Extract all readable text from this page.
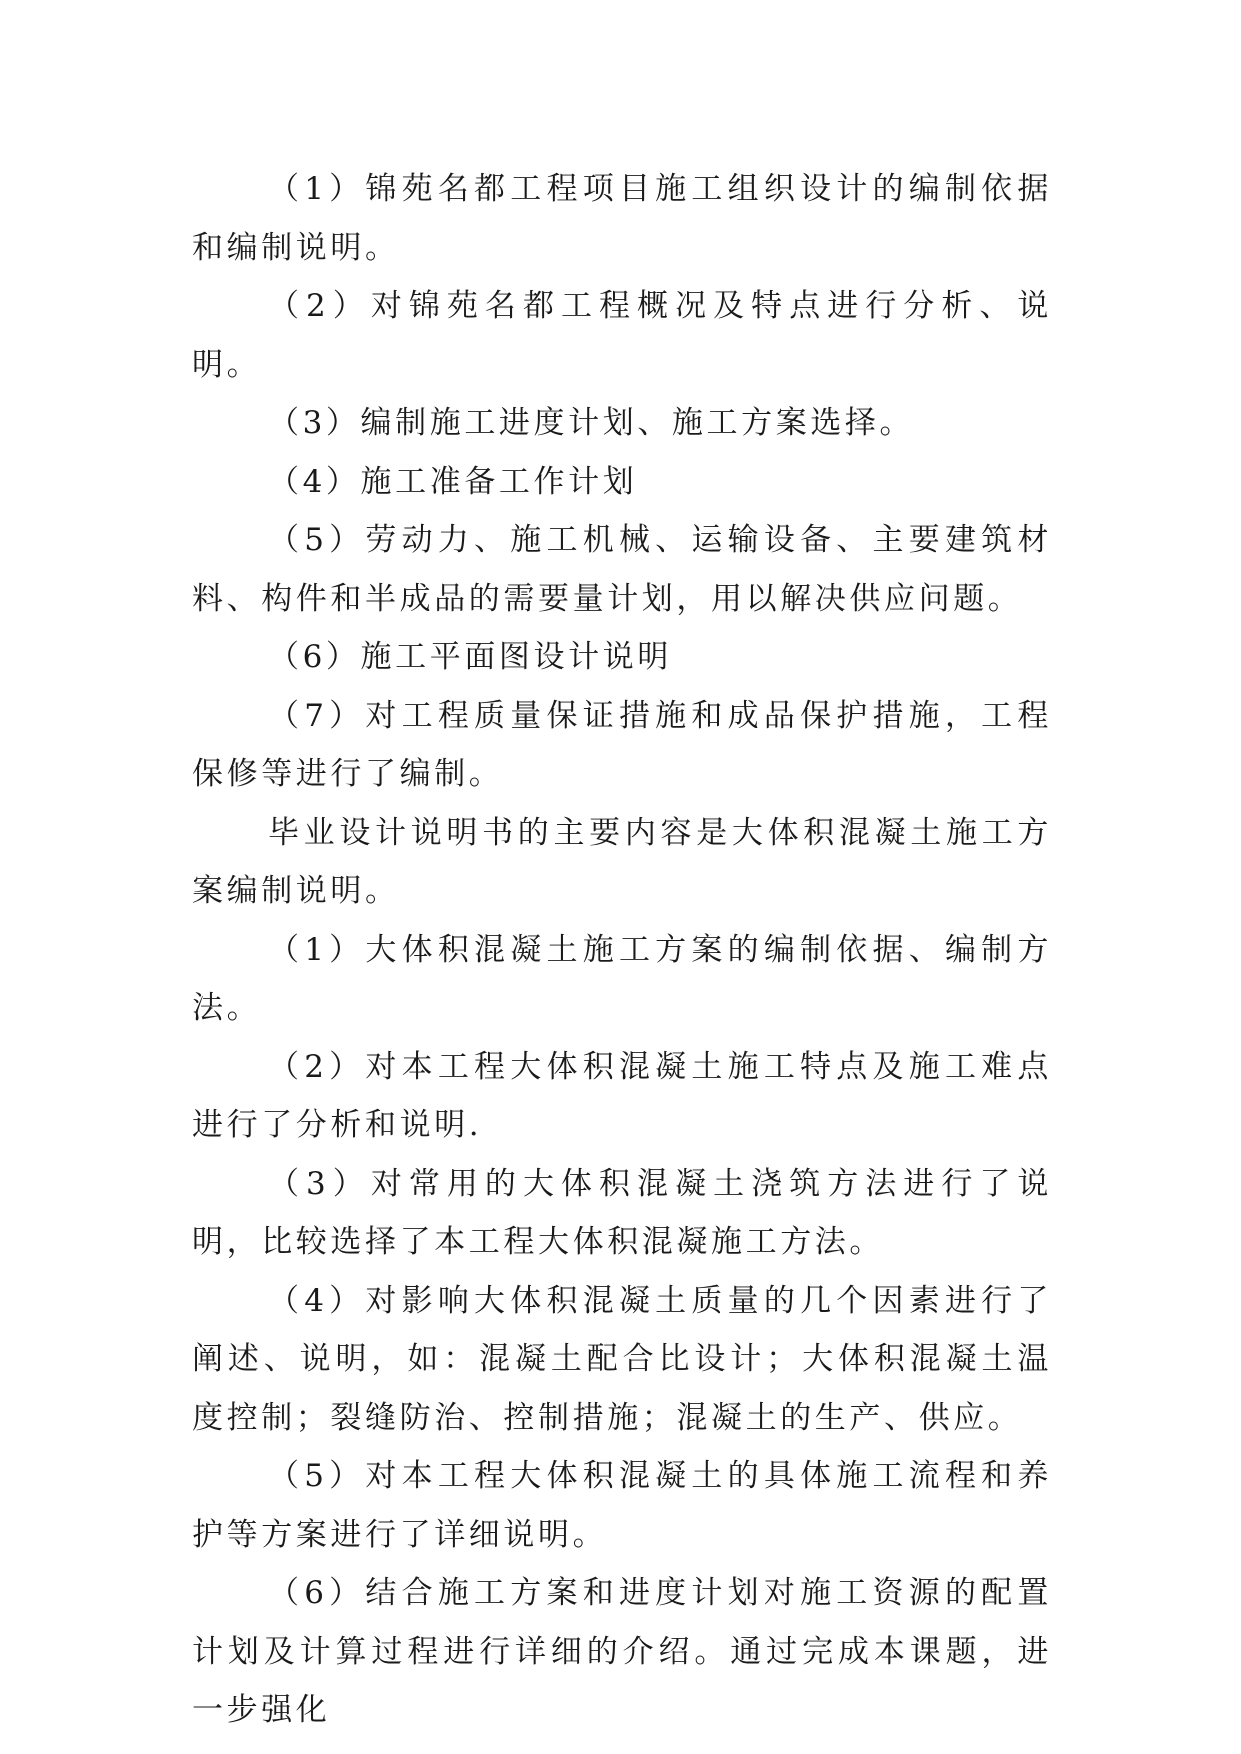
（1）锦苑名都工程项目施工组织设计的编制依据和编制说明。

（2）对锦苑名都工程概况及特点进行分析、说明。

（3）编制施工进度计划、施工方案选择。

（4）施工准备工作计划

（5）劳动力、施工机械、运输设备、主要建筑材料、构件和半成品的需要量计划，用以解决供应问题。

（6）施工平面图设计说明

（7）对工程质量保证措施和成品保护措施，工程保修等进行了编制。

毕业设计说明书的主要内容是大体积混凝土施工方案编制说明。

（1）大体积混凝土施工方案的编制依据、编制方法。

（2）对本工程大体积混凝土施工特点及施工难点进行了分析和说明.

（3）对常用的大体积混凝土浇筑方法进行了说明，比较选择了本工程大体积混凝施工方法。

（4）对影响大体积混凝土质量的几个因素进行了阐述、说明，如：混凝土配合比设计；大体积混凝土温度控制；裂缝防治、控制措施；混凝土的生产、供应。

（5）对本工程大体积混凝土的具体施工流程和养护等方案进行了详细说明。

（6）结合施工方案和进度计划对施工资源的配置计划及计算过程进行详细的介绍。通过完成本课题，进一步强化
